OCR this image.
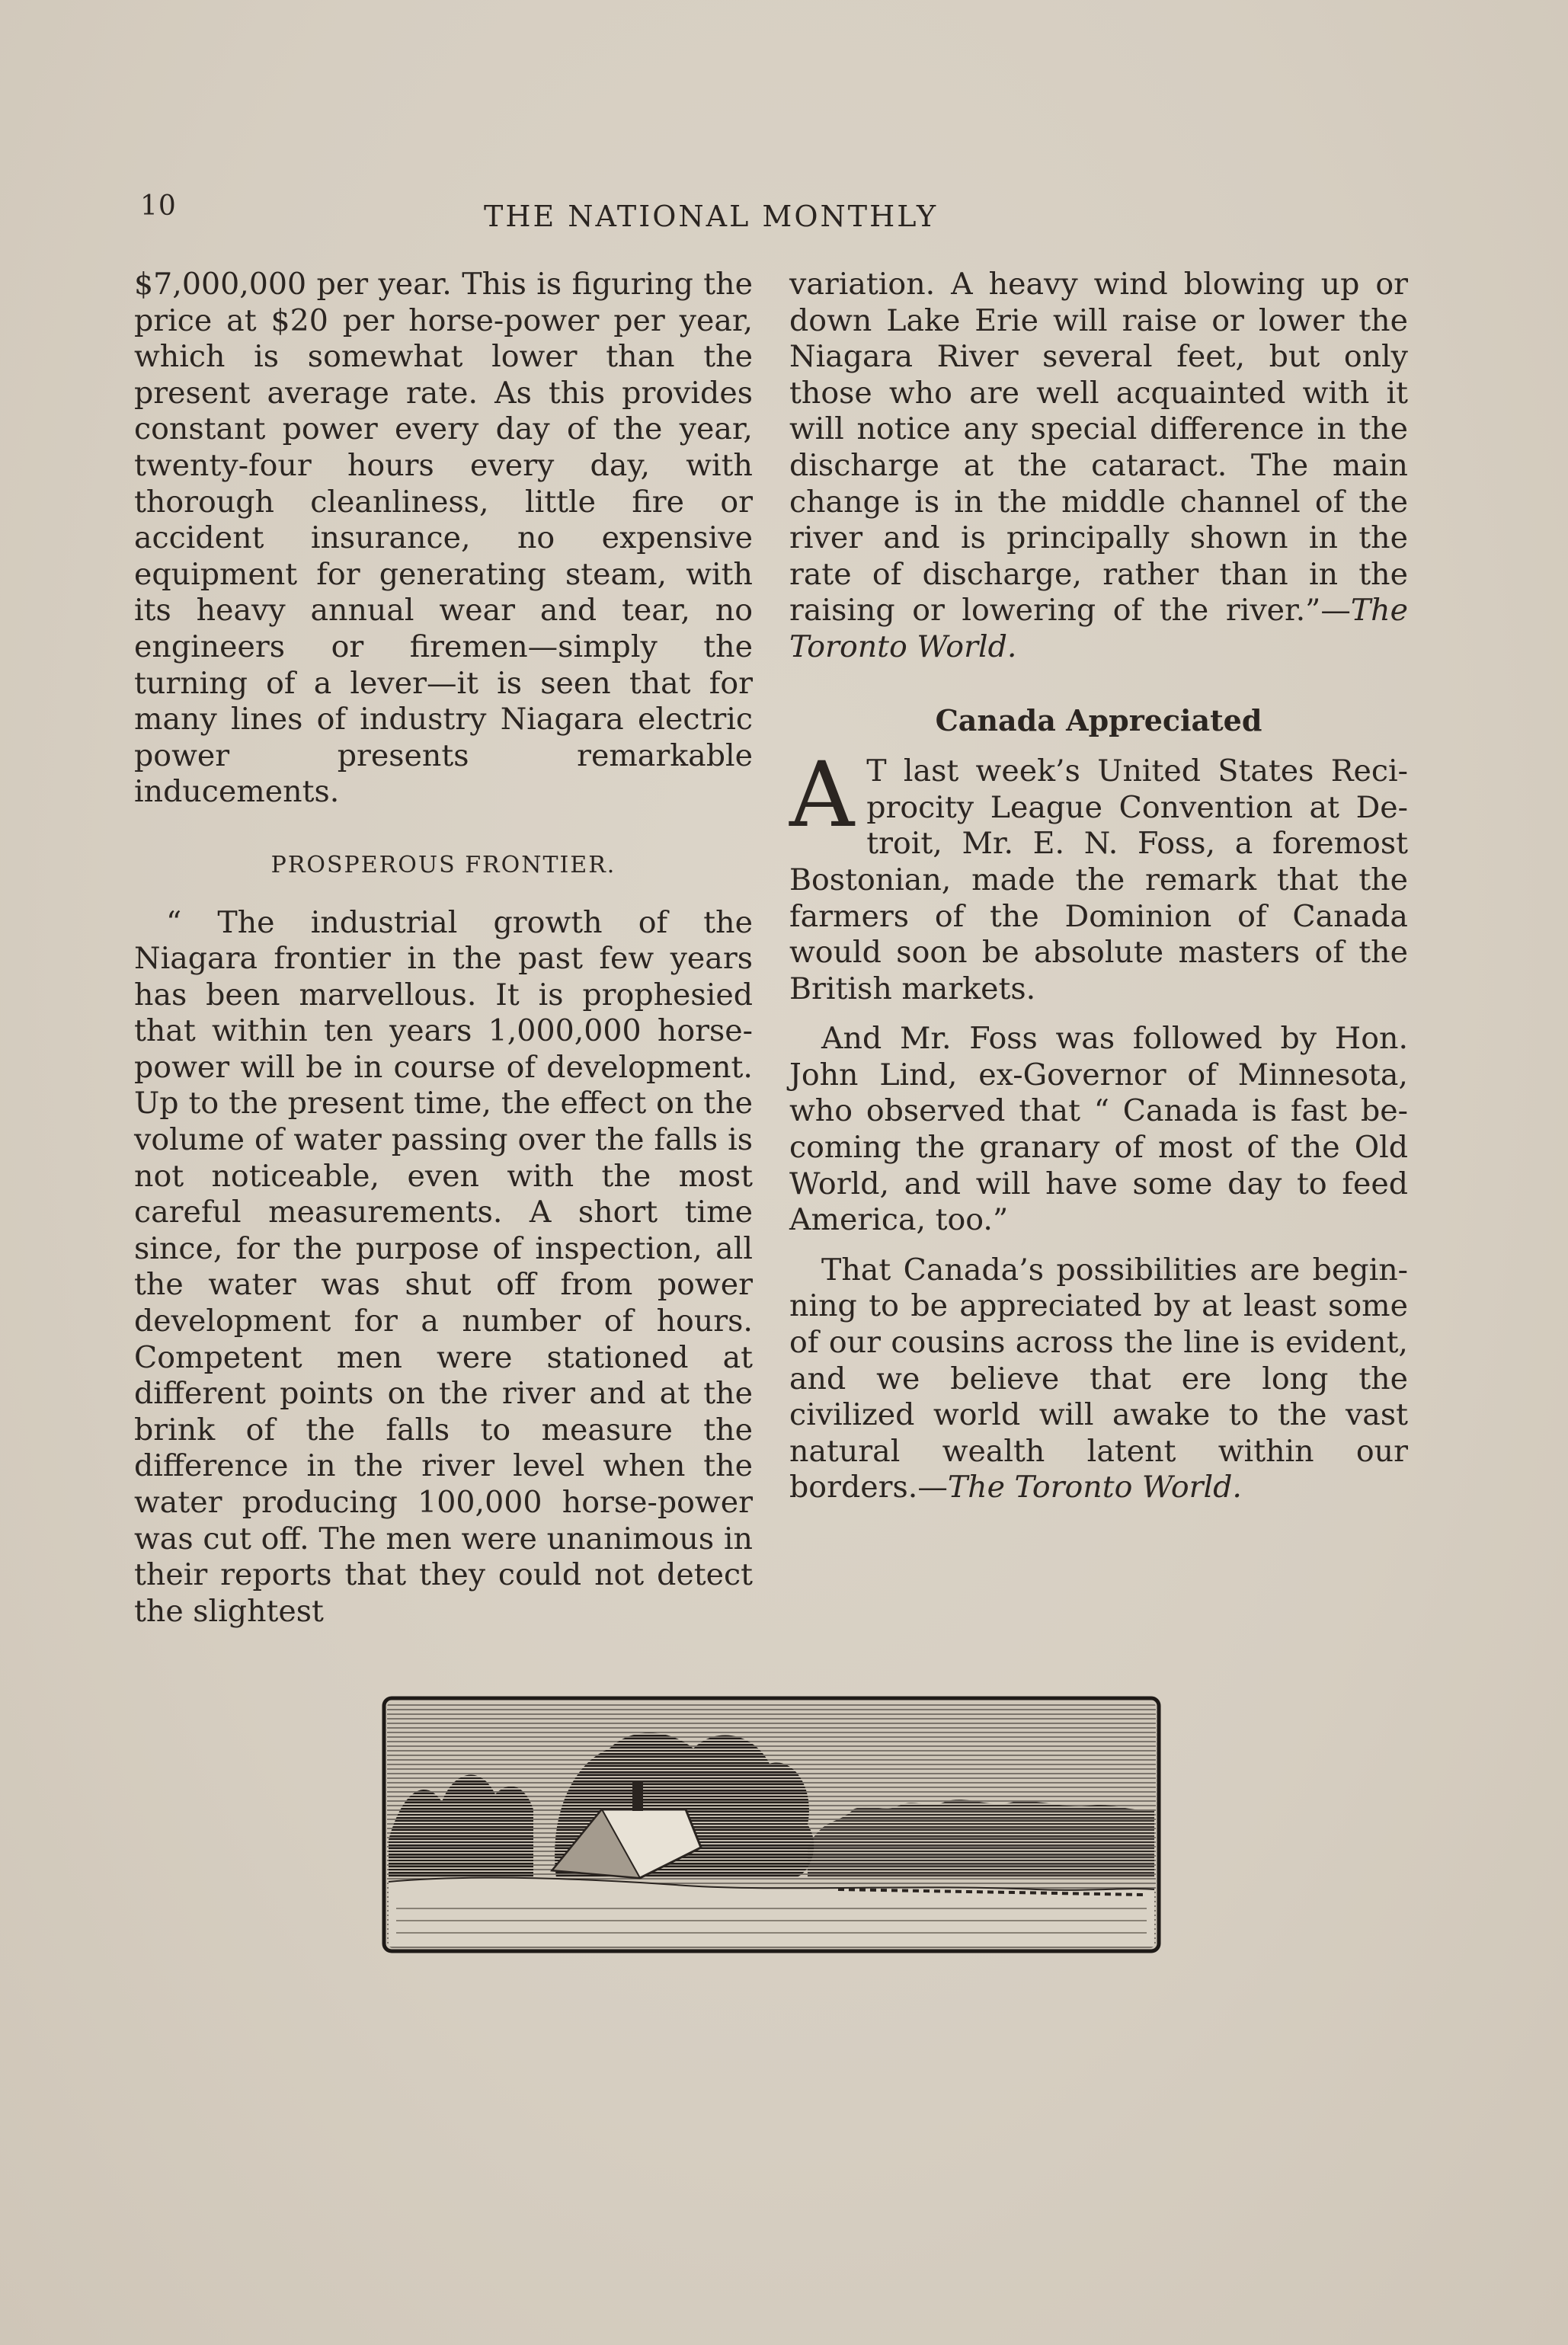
10	THE NATIONAL MONTHLY

$7,000,000 per year. This is figuring the price at $20 per horse-power per year, which is somewhat lower than the present average rate. As this provides constant power every day of the year, twenty-four hours every day, with thorough cleanliness, little fire or accident insurance, no expensive equipment for generating steam, with its heavy annual wear and tear, no engineers or firemen—simply the turning of a lever—it is seen that for many lines of industry Niagara electric power presents remarkable inducements.

PROSPEROUS FRONTIER.

“ The industrial growth of the Niagara frontier in the past few years has been marvellous. It is prophesied that within ten years 1,000,000 horse-power will be in course of development. Up to the present time, the effect on the volume of water passing over the falls is not noticeable, even with the most careful measurements. A short time since, for the purpose of inspection, all the water was shut off from power development for a number of hours. Competent men were stationed at different points on the river and at the brink of the falls to measure the difference in the river level when the water producing 100,000 horse-power was cut off. The men were unanimous in their reports that they could not detect the slightest

variation. A heavy wind blowing up or down Lake Erie will raise or lower the Niagara River several feet, but only those who are well acquainted with it will notice any special difference in the discharge at the cataract. The main change is in the middle channel of the river and is principally shown in the rate of discharge, rather than in the raising or lowering of the river.”—The Toronto World.

Canada Appreciated

A T last week’s United States Reciprocity League Convention at Detroit, Mr. E. N. Foss, a foremost Bostonian, made the remark that the farmers of the Dominion of Canada would soon be absolute masters of the British markets.

And Mr. Foss was followed by Hon. John Lind, ex-Governor of Minnesota, who observed that “ Canada is fast becoming the granary of most of the Old World, and will have some day to feed America, too.”

That Canada’s possibilities are beginning to be appreciated by at least some of our cousins across the line is evident, and we believe that ere long the civilized world will awake to the vast natural wealth latent within our borders.—The Toronto World.
